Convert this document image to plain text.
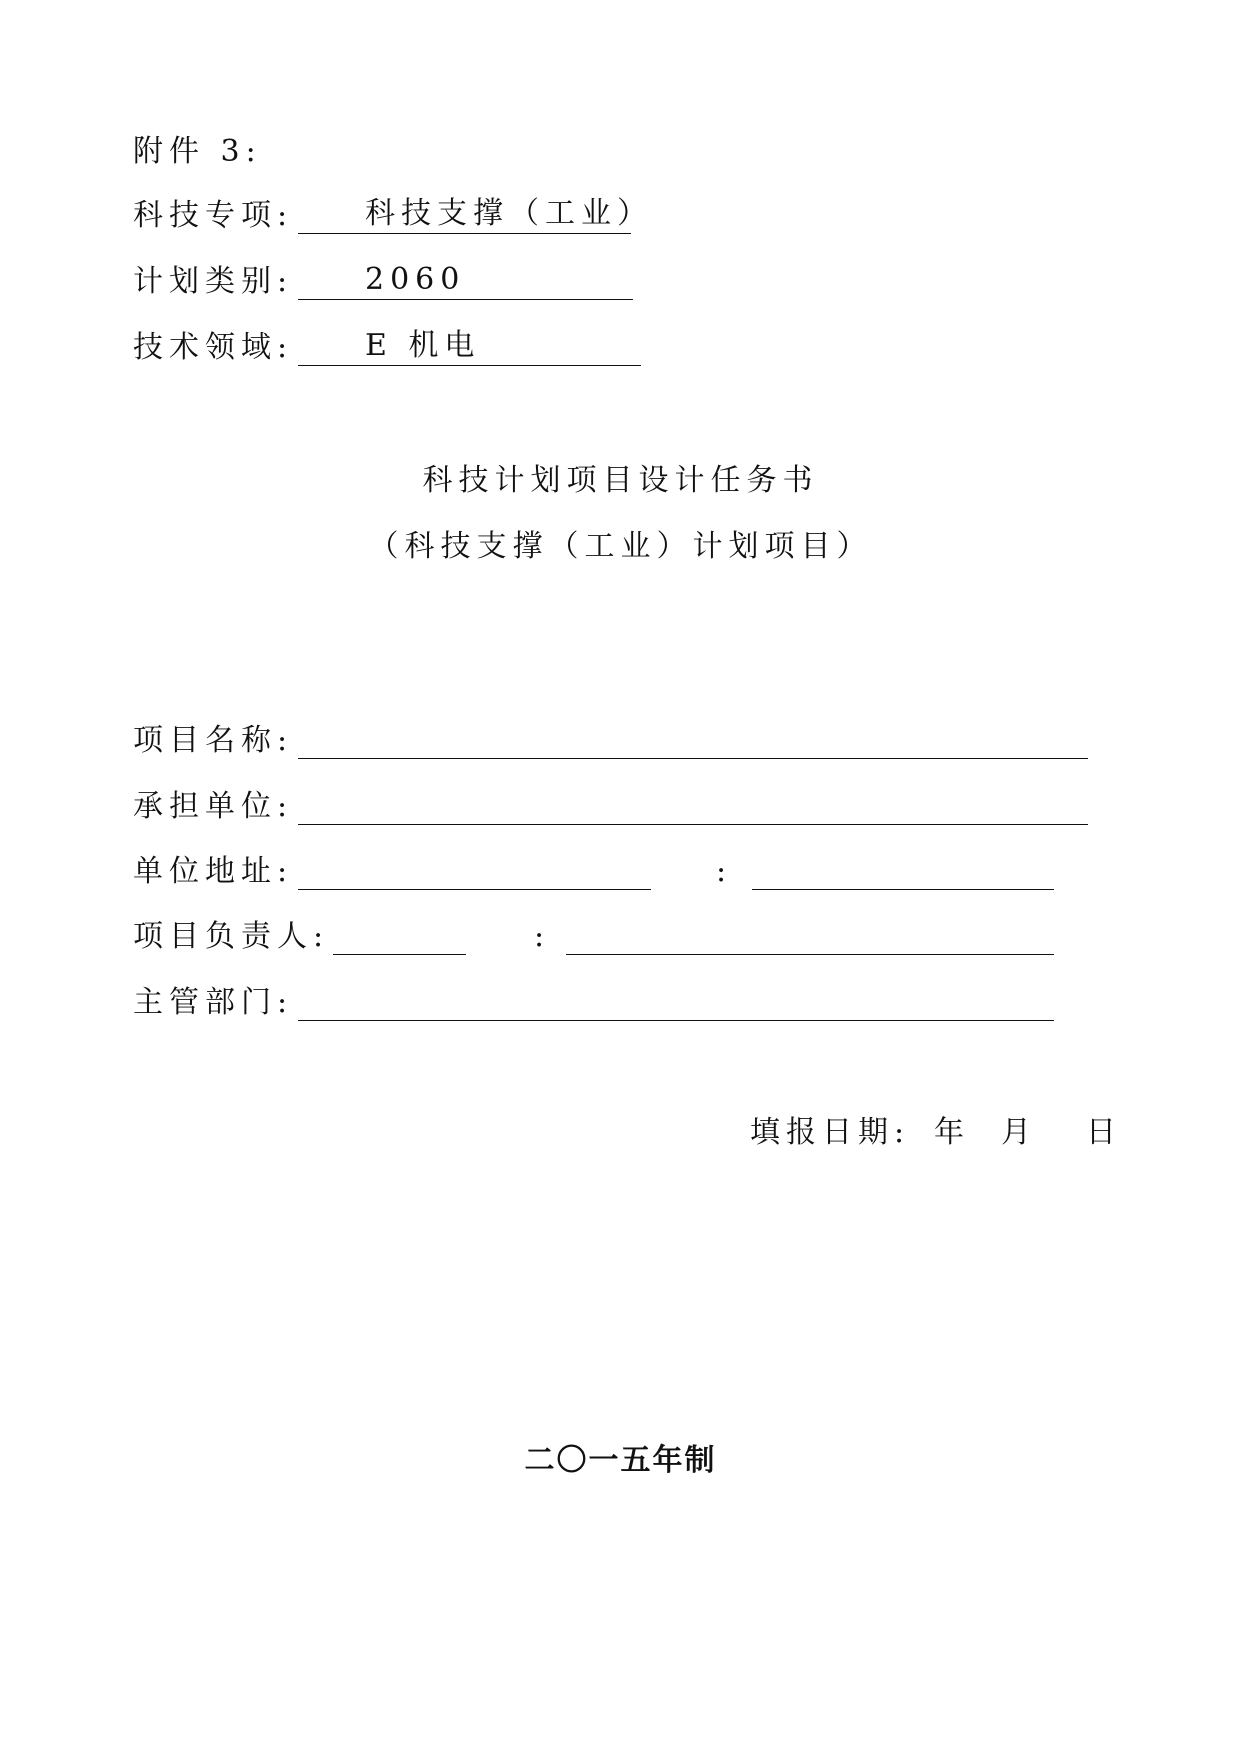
附件 3:
科技专项: 科技支撑（工业）
计划类别: 2060
技术领域: E 机电
科技计划项目设计任务书
（科技支撑（工业）计划项目）
项目名称:
承担单位:
单位地址:	:
项目负责人:	:
主管部门:
填报日期: 年 月 日
二〇一五年制
